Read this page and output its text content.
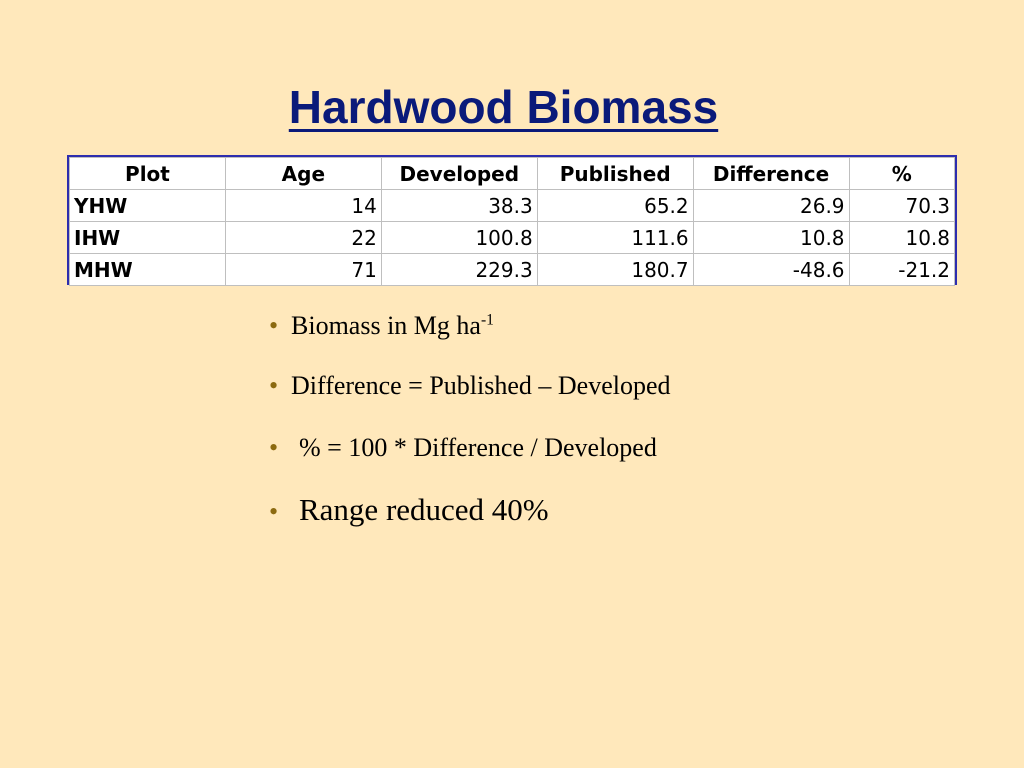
Hardwood Biomass
Plot	Age	Developed	Published	Difference	%
YHW	14	38.3	65.2	26.9	70.3
IHW	22	100.8	111.6	10.8	10.8
MHW	71	229.3	180.7	-48.6	-21.2
• Biomass in Mg $ha^{-1}$
• Difference = Published – Developed
• % = 100 * Difference / Developed
• Range reduced 40%
